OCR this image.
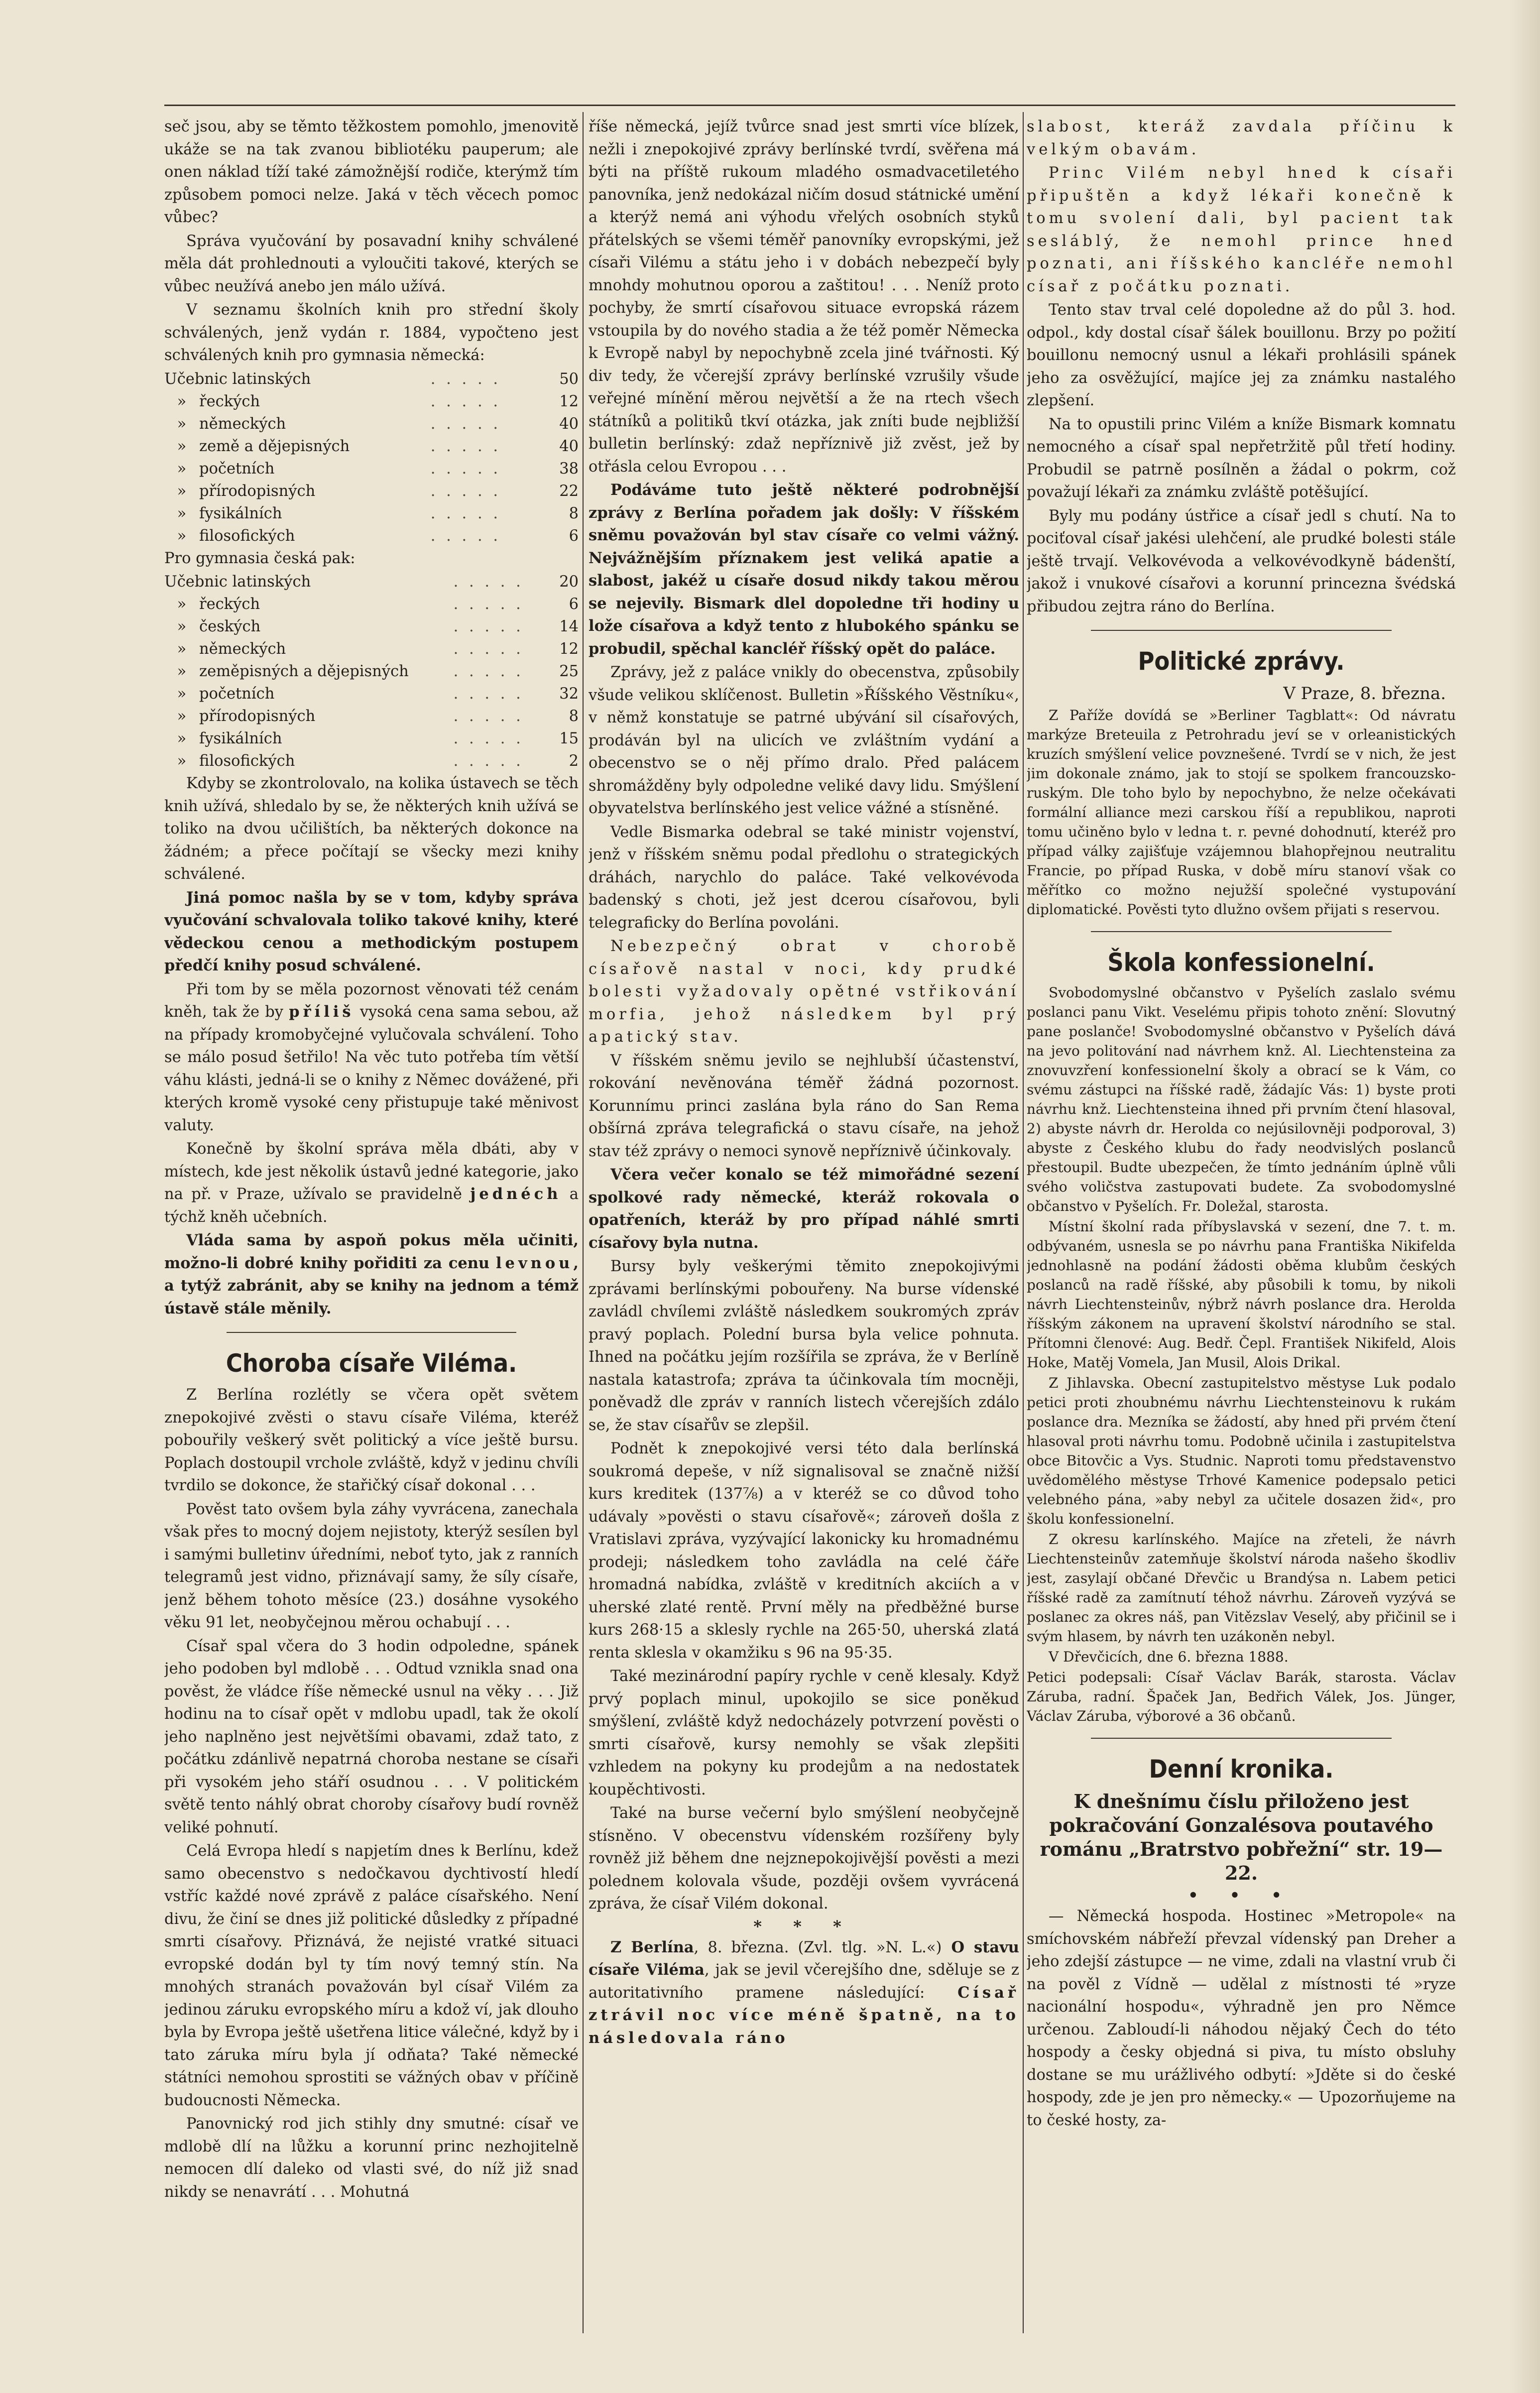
seč jsou, aby se těmto těžkostem pomohlo, jmenovitě ukáže se na tak zvanou bibliotéku pauperum; ale onen náklad tíží také zámožnější rodiče, kterýmž tím způsobem pomoci nelze. Jaká v těch věcech pomoc vůbec?

Správa vyučování by posavadní knihy schválené měla dát prohlednouti a vyloučiti takové, kterých se vůbec neužívá anebo jen málo užívá.

V seznamu školních knih pro střední školy schválených, jenž vydán r. 1884, vypočteno jest schválených knih pro gymnasia německá:

Učebnic latinských		. . . . .	50
»	řeckých	. . . . .	12
»	německých	. . . . .	40
»	země a dějepisných	. . . . .	40
»	početních	. . . . .	38
»	přírodopisných	. . . . .	22
»	fysikálních	. . . . .	8
»	filosofických	. . . . .	6

Pro gymnasia česká pak:

Učebnic latinských		. . . . .	20
»	řeckých	. . . . .	6
»	českých	. . . . .	14
»	německých	. . . . .	12
»	zeměpisných a dějepisných	. . . . .	25
»	početních	. . . . .	32
»	přírodopisných	. . . . .	8
»	fysikálních	. . . . .	15
»	filosofických	. . . . .	2

Kdyby se zkontrolovalo, na kolika ústavech se těch knih užívá, shledalo by se, že některých knih užívá se toliko na dvou učilištích, ba některých dokonce na žádném; a přece počítají se všecky mezi knihy schválené.

Jiná pomoc našla by se v tom, kdyby správa vyučování schvalovala toliko takové knihy, které vědeckou cenou a methodickým postupem předčí knihy posud schválené.

Při tom by se měla pozornost věnovati též cenám kněh, tak že by příliš vysoká cena sama sebou, až na případy kromobyčejné vylučovala schválení. Toho se málo posud šetřilo! Na věc tuto potřeba tím větší váhu klásti, jedná-li se o knihy z Němec dovážené, při kterých kromě vysoké ceny přistupuje také měnivost valuty.

Konečně by školní správa měla dbáti, aby v místech, kde jest několik ústavů jedné kategorie, jako na př. v Praze, užívalo se pravidelně jednéch a týchž kněh učebních.

Vláda sama by aspoň pokus měla učiniti, možno-li dobré knihy pořiditi za cenu levnou, a tytýž zabránit, aby se knihy na jednom a témž ústavě stále měnily.

Choroba císaře Viléma.

Z Berlína rozlétly se včera opět světem znepokojivé zvěsti o stavu císaře Viléma, kteréž pobouřily veškerý svět politický a více ještě bursu. Poplach dostoupil vrchole zvláště, když v jedinu chvíli tvrdilo se dokonce, že stařičký císař dokonal . . .

Pověst tato ovšem byla záhy vyvrácena, zanechala však přes to mocný dojem nejistoty, kterýž sesílen byl i samými bulletinv úředními, neboť tyto, jak z ranních telegramů jest vidno, přiznávají samy, že síly císaře, jenž během tohoto měsíce (23.) dosáhne vysokého věku 91 let, neobyčejnou měrou ochabují . . .

Císař spal včera do 3 hodin odpoledne, spánek jeho podoben byl mdlobě . . . Odtud vznikla snad ona pověst, že vládce říše německé usnul na věky . . . Již hodinu na to císař opět v mdlobu upadl, tak že okolí jeho naplněno jest největšími obavami, zdaž tato, z počátku zdánlivě nepatrná choroba nestane se císaři při vysokém jeho stáří osudnou . . . V politickém světě tento náhlý obrat choroby císařovy budí rovněž veliké pohnutí.

Celá Evropa hledí s napjetím dnes k Berlínu, kdež samo obecenstvo s nedočkavou dychtivostí hledí vstříc každé nové zprávě z paláce císařského. Není divu, že činí se dnes již politické důsledky z případné smrti císařovy. Přiznává, že nejisté vratké situaci evropské dodán byl ty tím nový temný stín. Na mnohých stranách považován byl císař Vilém za jedinou záruku evropského míru a kdož ví, jak dlouho byla by Evropa ještě ušetřena litice válečné, když by i tato záruka míru byla jí odňata? Také německé státníci nemohou sprostiti se vážných obav v příčině budoucnosti Německa.

Panovnický rod jich stihly dny smutné: císař ve mdlobě dlí na lůžku a korunní princ nezhojitelně nemocen dlí daleko od vlasti své, do níž již snad nikdy se nenavrátí . . . Mohutná

říše německá, jejíž tvůrce snad jest smrti více blízek, nežli i znepokojivé zprávy berlínské tvrdí, svěřena má býti na příště rukoum mladého osmadvacetiletého panovníka, jenž nedokázal ničím dosud státnické umění a kterýž nemá ani výhodu vřelých osobních styků přátelských se všemi téměř panovníky evropskými, jež císaři Vilému a státu jeho i v dobách nebezpečí byly mnohdy mohutnou oporou a zaštitou! . . . Neníž proto pochyby, že smrtí císařovou situace evropská rázem vstoupila by do nového stadia a že též poměr Německa k Evropě nabyl by nepochybně zcela jiné tvářnosti. Ký div tedy, že včerejší zprávy berlínské vzrušily všude veřejné mínění měrou největší a že na rtech všech státníků a politiků tkví otázka, jak zníti bude nejbližší bulletin berlínský: zdaž nepříznivě již zvěst, jež by otřásla celou Evropou . . .

Podáváme tuto ještě některé podrobnější zprávy z Berlína pořadem jak došly: V říšském sněmu považován byl stav císaře co velmi vážný. Nejvážnějším příznakem jest veliká apatie a slabost, jakéž u císaře dosud nikdy takou měrou se nejevily. Bismark dlel dopoledne tři hodiny u lože císařova a když tento z hlubokého spánku se probudil, spěchal kancléř říšský opět do paláce.

Zprávy, jež z paláce vnikly do obecenstva, způsobily všude velikou sklíčenost. Bulletin »Říšského Věstníku«, v němž konstatuje se patrné ubývání sil císařových, prodáván byl na ulicích ve zvláštním vydání a obecenstvo se o něj přímo dralo. Před palácem shromážděny byly odpoledne veliké davy lidu. Smýšlení obyvatelstva berlínského jest velice vážné a stísněné.

Vedle Bismarka odebral se také ministr vojenství, jenž v říšském sněmu podal předlohu o strategických dráhách, narychlo do paláce. Také velkovévoda badenský s choti, jež jest dcerou císařovou, byli telegraficky do Berlína povoláni.

Nebezpečný obrat v chorobě císařově nastal v noci, kdy prudké bolesti vyžadovaly opětné vstřikování morfia, jehož následkem byl prý apatický stav.

V říšském sněmu jevilo se nejhlubší účastenství, rokování nevěnována téměř žádná pozornost. Korunnímu princi zaslána byla ráno do San Rema obšírná zpráva telegrafická o stavu císaře, na jehož stav též zprávy o nemoci synově nepříznivě účinkovaly.

Včera večer konalo se též mimořádné sezení spolkové rady německé, kteráž rokovala o opatřeních, kteráž by pro případ náhlé smrti císařovy byla nutna.

Bursy byly veškerými těmito znepokojivými zprávami berlínskými pobouřeny. Na burse vídenské zavládl chvílemi zvláště následkem soukromých zpráv pravý poplach. Polední bursa byla velice pohnuta. Ihned na počátku jejím rozšířila se zpráva, že v Berlíně nastala katastrofa; zpráva ta účinkovala tím mocněji, poněvadž dle zpráv v ranních listech včerejších zdálo se, že stav císařův se zlepšil.

Podnět k znepokojivé versi této dala berlínská soukromá depeše, v níž signalisoval se značně nižší kurs kreditek (137⅞) a v kteréž se co důvod toho udávaly »pověsti o stavu císařově«; zároveň došla z Vratislavi zpráva, vyzývající lakonicky ku hromadnému prodeji; následkem toho zavládla na celé čáře hromadná nabídka, zvláště v kreditních akciích a v uherské zlaté rentě. První měly na předběžné burse kurs 268·15 a sklesly rychle na 265·50, uherská zlatá renta sklesla v okamžiku s 96 na 95·35.

Také mezinárodní papíry rychle v ceně klesaly. Když prvý poplach minul, upokojilo se sice poněkud smýšlení, zvláště když nedocházely potvrzení pověsti o smrti císařově, kursy nemohly se však zlepšiti vzhledem na pokyny ku prodejům a na nedostatek koupěchtivosti.

Také na burse večerní bylo smýšlení neobyčejně stísněno. V obecenstvu vídenském rozšířeny byly rovněž již během dne nejznepokojivější pověsti a mezi polednem kolovala všude, později ovšem vyvrácená zpráva, že císař Vilém dokonal.

* * *

Z Berlína, 8. března. (Zvl. tlg. »N. L.«) O stavu císaře Viléma, jak se jevil včerejšího dne, sděluje se z autoritativního pramene následující: Císař ztrávil noc více méně špatně, na to následovala ráno

slabost, kteráž zavdala příčinu k velkým obavám.

Princ Vilém nebyl hned k císaři připuštěn a když lékaři konečně k tomu svolení dali, byl pacient tak sesláblý, že nemohl prince hned poznati, ani říšského kancléře nemohl císař z počátku poznati.

Tento stav trval celé dopoledne až do půl 3. hod. odpol., kdy dostal císař šálek bouillonu. Brzy po požití bouillonu nemocný usnul a lékaři prohlásili spánek jeho za osvěžující, majíce jej za známku nastalého zlepšení.

Na to opustili princ Vilém a kníže Bismark komnatu nemocného a císař spal nepřetržitě půl třetí hodiny. Probudil se patrně posílněn a žádal o pokrm, což považují lékaři za známku zvláště potěšující.

Byly mu podány ústřice a císař jedl s chutí. Na to pociťoval císař jakési ulehčení, ale prudké bolesti stále ještě trvají. Velkovévoda a velkovévodkyně bádenští, jakož i vnukové císařovi a korunní princezna švédská přibudou zejtra ráno do Berlína.

Politické zprávy.
V Praze, 8. března.

Z Paříže dovídá se »Berliner Tagblatt«: Od návratu markýze Breteuila z Petrohradu jeví se v orleanistických kruzích smýšlení velice povznešené. Tvrdí se v nich, že jest jim dokonale známo, jak to stojí se spolkem francouzsko-ruským. Dle toho bylo by nepochybno, že nelze očekávati formální alliance mezi carskou říší a republikou, naproti tomu učiněno bylo v ledna t. r. pevné dohodnutí, kteréž pro případ války zajišťuje vzájemnou blahopřejnou neutralitu Francie, po případ Ruska, v době míru stanoví však co měřítko co možno nejužší společné vystupování diplomatické. Pověsti tyto dlužno ovšem přijati s reservou.

Škola konfessionelní.

Svobodomyslné občanstvo v Pyšelích zaslalo svému poslanci panu Vikt. Veselému připis tohoto znění: Slovutný pane poslanče! Svobodomyslné občanstvo v Pyšelích dává na jevo politování nad návrhem knž. Al. Liechtensteina za znovuvzření konfessionelní školy a obrací se k Vám, co svému zástupci na říšské radě, žádajíc Vás: 1) byste proti návrhu knž. Liechtensteina ihned při prvním čtení hlasoval, 2) abyste návrh dr. Herolda co nejúsilovněji podporoval, 3) abyste z Českého klubu do řady neodvislých poslanců přestoupil. Budte ubezpečen, že tímto jednáním úplně vůli svého voličstva zastupovati budete. Za svobodomyslné občanstvo v Pyšelích. Fr. Doležal, starosta.

Místní školní rada příbyslavská v sezení, dne 7. t. m. odbývaném, usnesla se po návrhu pana Františka Nikifelda jednohlasně na podání žádosti oběma klubům českých poslanců na radě říšské, aby působili k tomu, by nikoli návrh Liechtensteinův, nýbrž návrh poslance dra. Herolda říšským zákonem na upravení školství národního se stal. Přítomni členové: Aug. Bedř. Čepl. František Nikifeld, Alois Hoke, Matěj Vomela, Jan Musil, Alois Drikal.

Z Jihlavska. Obecní zastupitelstvo městyse Luk podalo petici proti zhoubnému návrhu Liechtensteinovu k rukám poslance dra. Mezníka se žádostí, aby hned při prvém čtení hlasoval proti návrhu tomu. Podobně učinila i zastupitelstva obce Bitovčic a Vys. Studnic. Naproti tomu představenstvo uvědomělého městyse Trhové Kamenice podepsalo petici velebného pána, »aby nebyl za učitele dosazen žid«, pro školu konfessionelní.

Z okresu karlínského. Majíce na zřeteli, že návrh Liechtensteinův zatemňuje školství národa našeho škodliv jest, zasylají občané Dřevčic u Brandýsa n. Labem petici říšské radě za zamítnutí téhož návrhu. Zároveň vyzývá se poslanec za okres náš, pan Vitězslav Veselý, aby přičinil se i svým hlasem, by návrh ten uzákoněn nebyl.

V Dřevčicích, dne 6. března 1888.

Petici podepsali: Císař Václav Barák, starosta. Václav Záruba, radní. Špaček Jan, Bedřich Válek, Jos. Jünger, Václav Záruba, výborové a 36 občanů.

Denní kronika.
K dnešnímu číslu přiloženo jest pokračování Gonzalésova poutavého románu „Bratrstvo pobřežní“ str. 19—22.
• • •

— Německá hospoda. Hostinec »Metropole« na smíchovském nábřeží převzal vídenský pan Dreher a jeho zdejší zástupce — ne vime, zdali na vlastní vrub či na pověl z Vídně — udělal z místnosti té »ryze nacionální hospodu«, výhradně jen pro Němce určenou. Zabloudí-li náhodou nějaký Čech do této hospody a česky objedná si piva, tu místo obsluhy dostane se mu urážlivého odbytí: »Jděte si do české hospody, zde je jen pro německy.« — Upozorňujeme na to české hosty, za-
